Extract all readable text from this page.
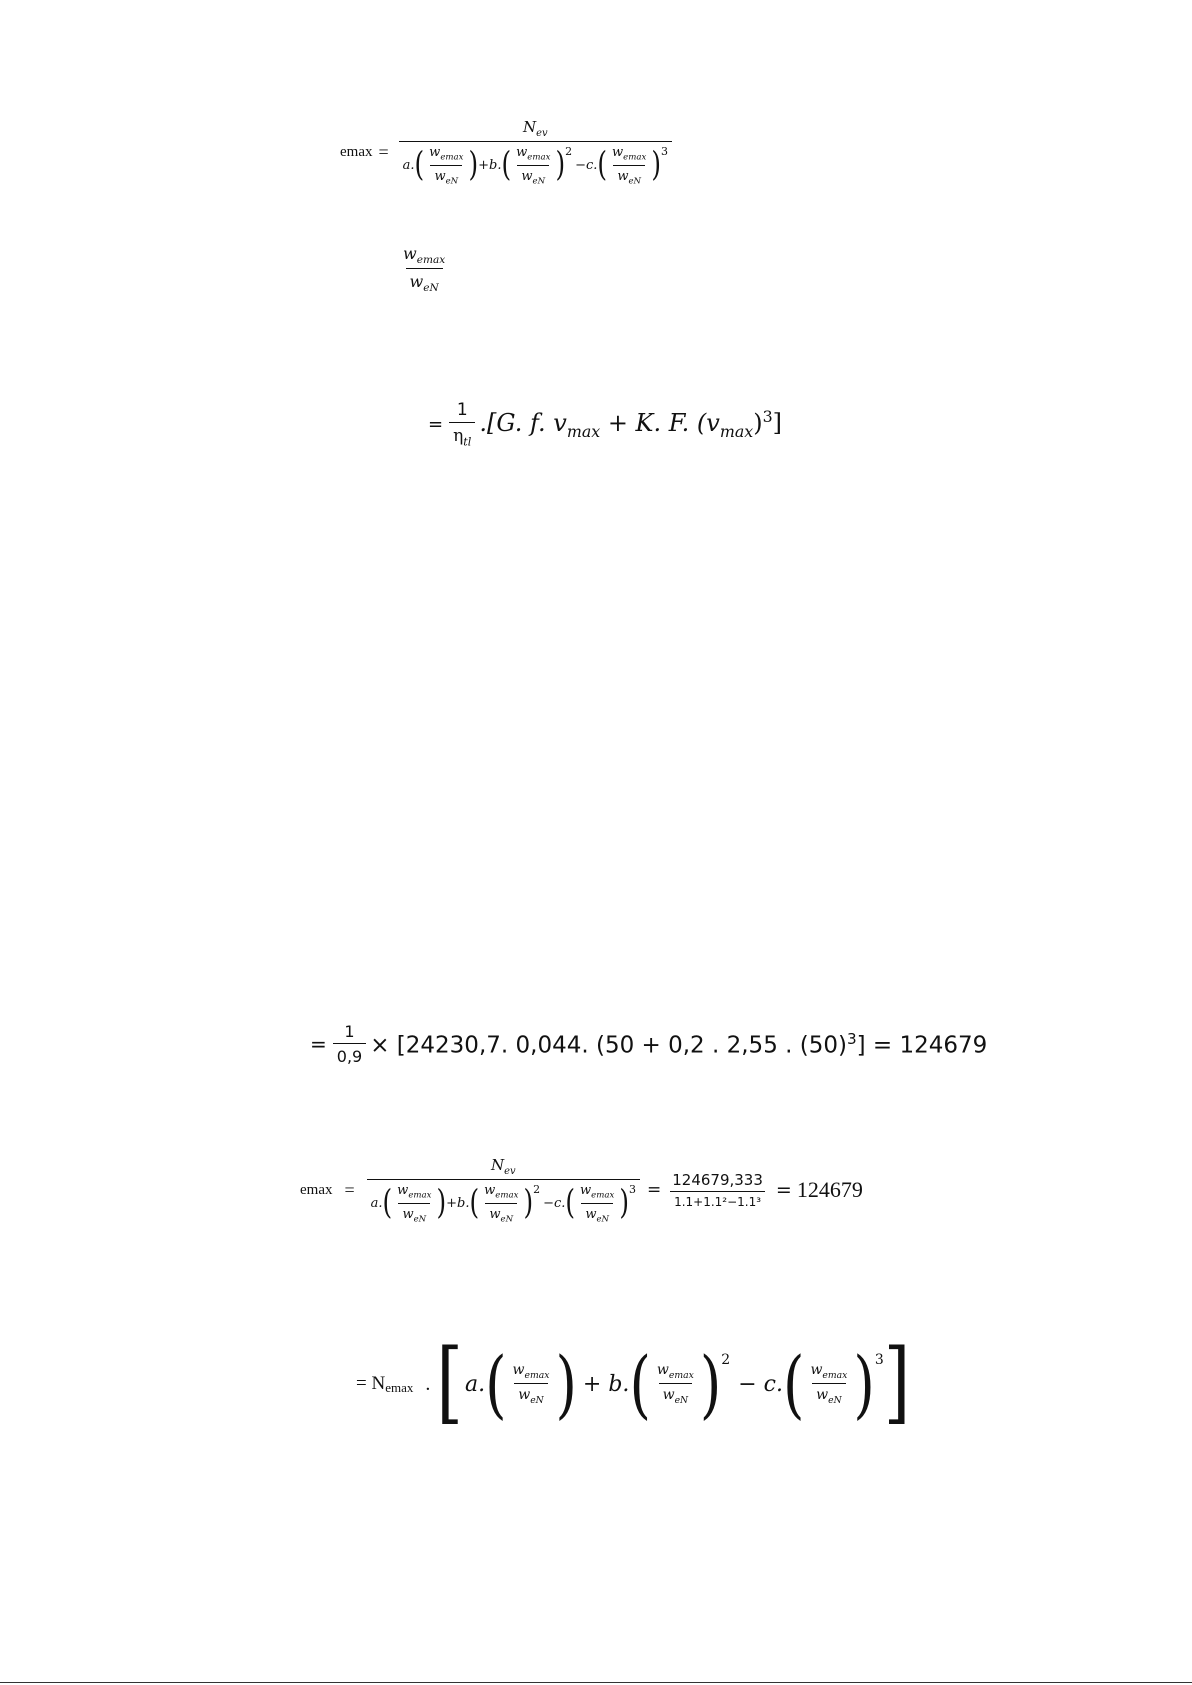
emax =
$N_{ev}$
a. ( $\frac{w_{emax}}{w_{eN}}$ ) +b. ( $\frac{w_{emax}}{w_{eN}}$ ) 2
−c. ( $\frac{w_{emax}}{w_{eN}}$ ) 3
$\frac{w_{emax}}{w_{eN}}$
= $\frac{1}{\eta_{tl}} .[G$. f. $v_{max} + K$. F. $(v_{max})^3$]
= $\frac{1}{0,9} \times [24230,7$. 0,044. (50 + 0,2 . 2,55 . $(50)^3] = 124679$
emax =
$N_{ev}$
a. ( $\frac{w_{emax}}{w_{eN}}$ ) +b. ( $\frac{w_{emax}}{w_{eN}}$ ) 2
−c. ( $\frac{w_{emax}}{w_{eN}}$ ) $3 = \frac{124679,333}{\text{1.1+1.1²−1.1³}} = 124679$
= N emax . [ a. ( $\frac{w_{emax}}{w_{eN}}$ ) + b. ( $\frac{w_{emax}}{w_{eN}}$ ) 2
− c. ( $\frac{w_{emax}}{w_{eN}}$ ) 3 ]
